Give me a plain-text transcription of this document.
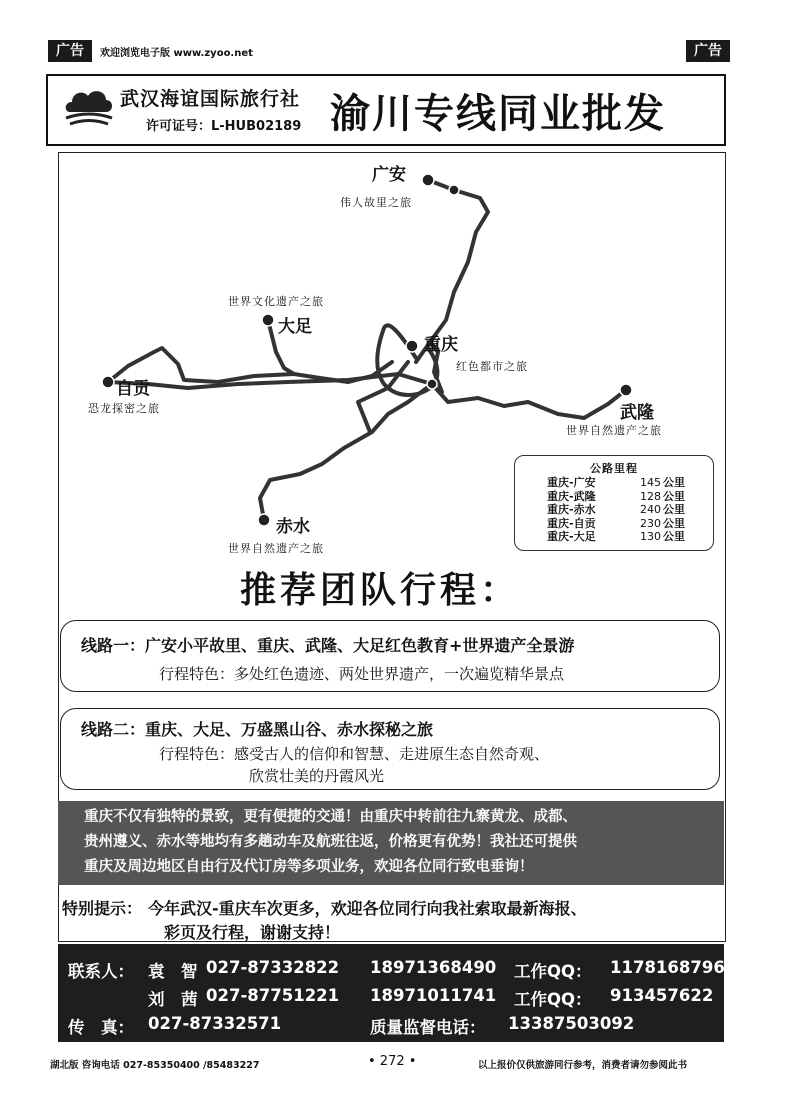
广告	欢迎浏览电子版 www.zyoo.net	广告
武汉海谊国际旅行社
许可证号：L-HUB02189 渝川专线同业批发
广安
伟人故里之旅
世界文化遗产之旅
大足
重庆
红色都市之旅
自贡
恐龙探密之旅	武隆
世界自然遗产之旅
赤水
世界自然遗产之旅
公路里程
重庆-广安	145 公里
重庆-武隆	128 公里
重庆-赤水	240 公里
重庆-自贡	230 公里
重庆-大足	130 公里
推荐团队行程：
线路一：广安小平故里、重庆、武隆、大足红色教育+世界遗产全景游
行程特色：多处红色遗迹、两处世界遗产，一次遍览精华景点
线路二：重庆、大足、万盛黑山谷、赤水探秘之旅
行程特色：感受古人的信仰和智慧、走进原生态自然奇观、
欣赏壮美的丹霞风光
重庆不仅有独特的景致，更有便捷的交通！由重庆中转前往九寨黄龙、成都、
贵州遵义、赤水等地均有多趟动车及航班往返，价格更有优势！我社还可提供
重庆及周边地区自由行及代订房等多项业务，欢迎各位同行致电垂询！
特别提示： 今年武汉-重庆车次更多，欢迎各位同行向我社索取最新海报、
彩页及行程，谢谢支持！
联系人： 袁　智 027-87332822 18971368490 工作QQ： 1178168796
刘　茜 027-87751221 18971011741 工作QQ： 913457622
传　真： 027-87332571	质量监督电话： 13387503092
湖北版 咨询电话 027-85350400 /85483227	• 272 •	以上报价仅供旅游同行参考，消费者请勿参阅此书
